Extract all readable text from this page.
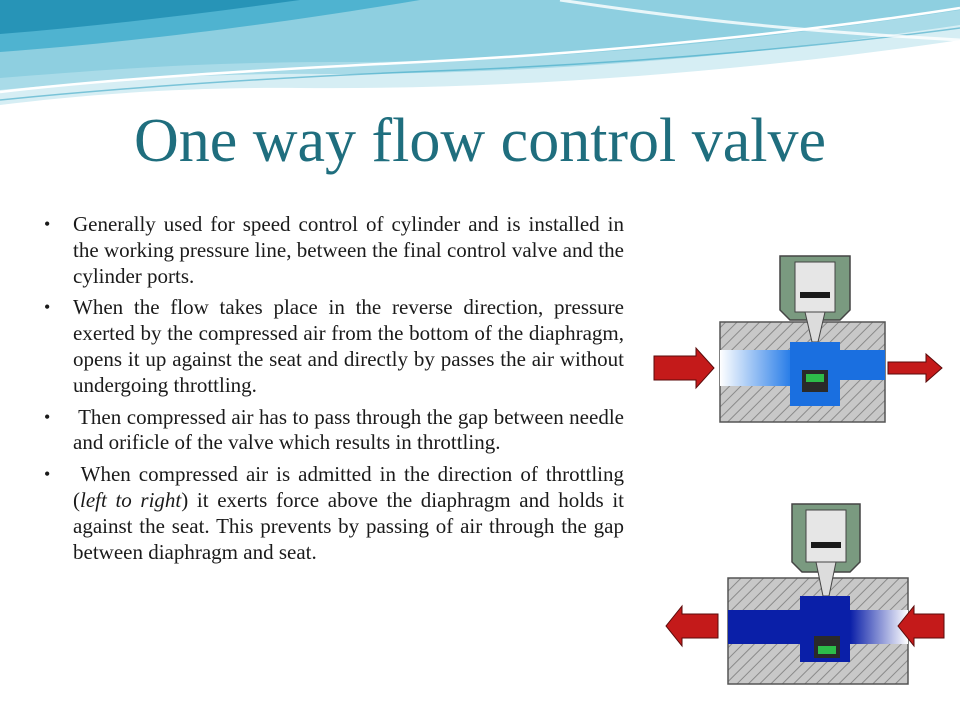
One way flow control valve
• Generally used for speed control of cylinder and is installed in the working pressure line, between the final control valve and the cylinder ports.
• When the flow takes place in the reverse direction, pressure exerted by the compressed air from the bottom of the diaphragm, opens it up against the seat and directly by passes the air without undergoing throttling.
• Then compressed air has to pass through the gap between needle and orificle of the valve which results in throttling.
• When compressed air is admitted in the direction of throttling (left to right) it exerts force above the diaphragm and holds it against the seat. This prevents by passing of air through the gap between diaphragm and seat.
